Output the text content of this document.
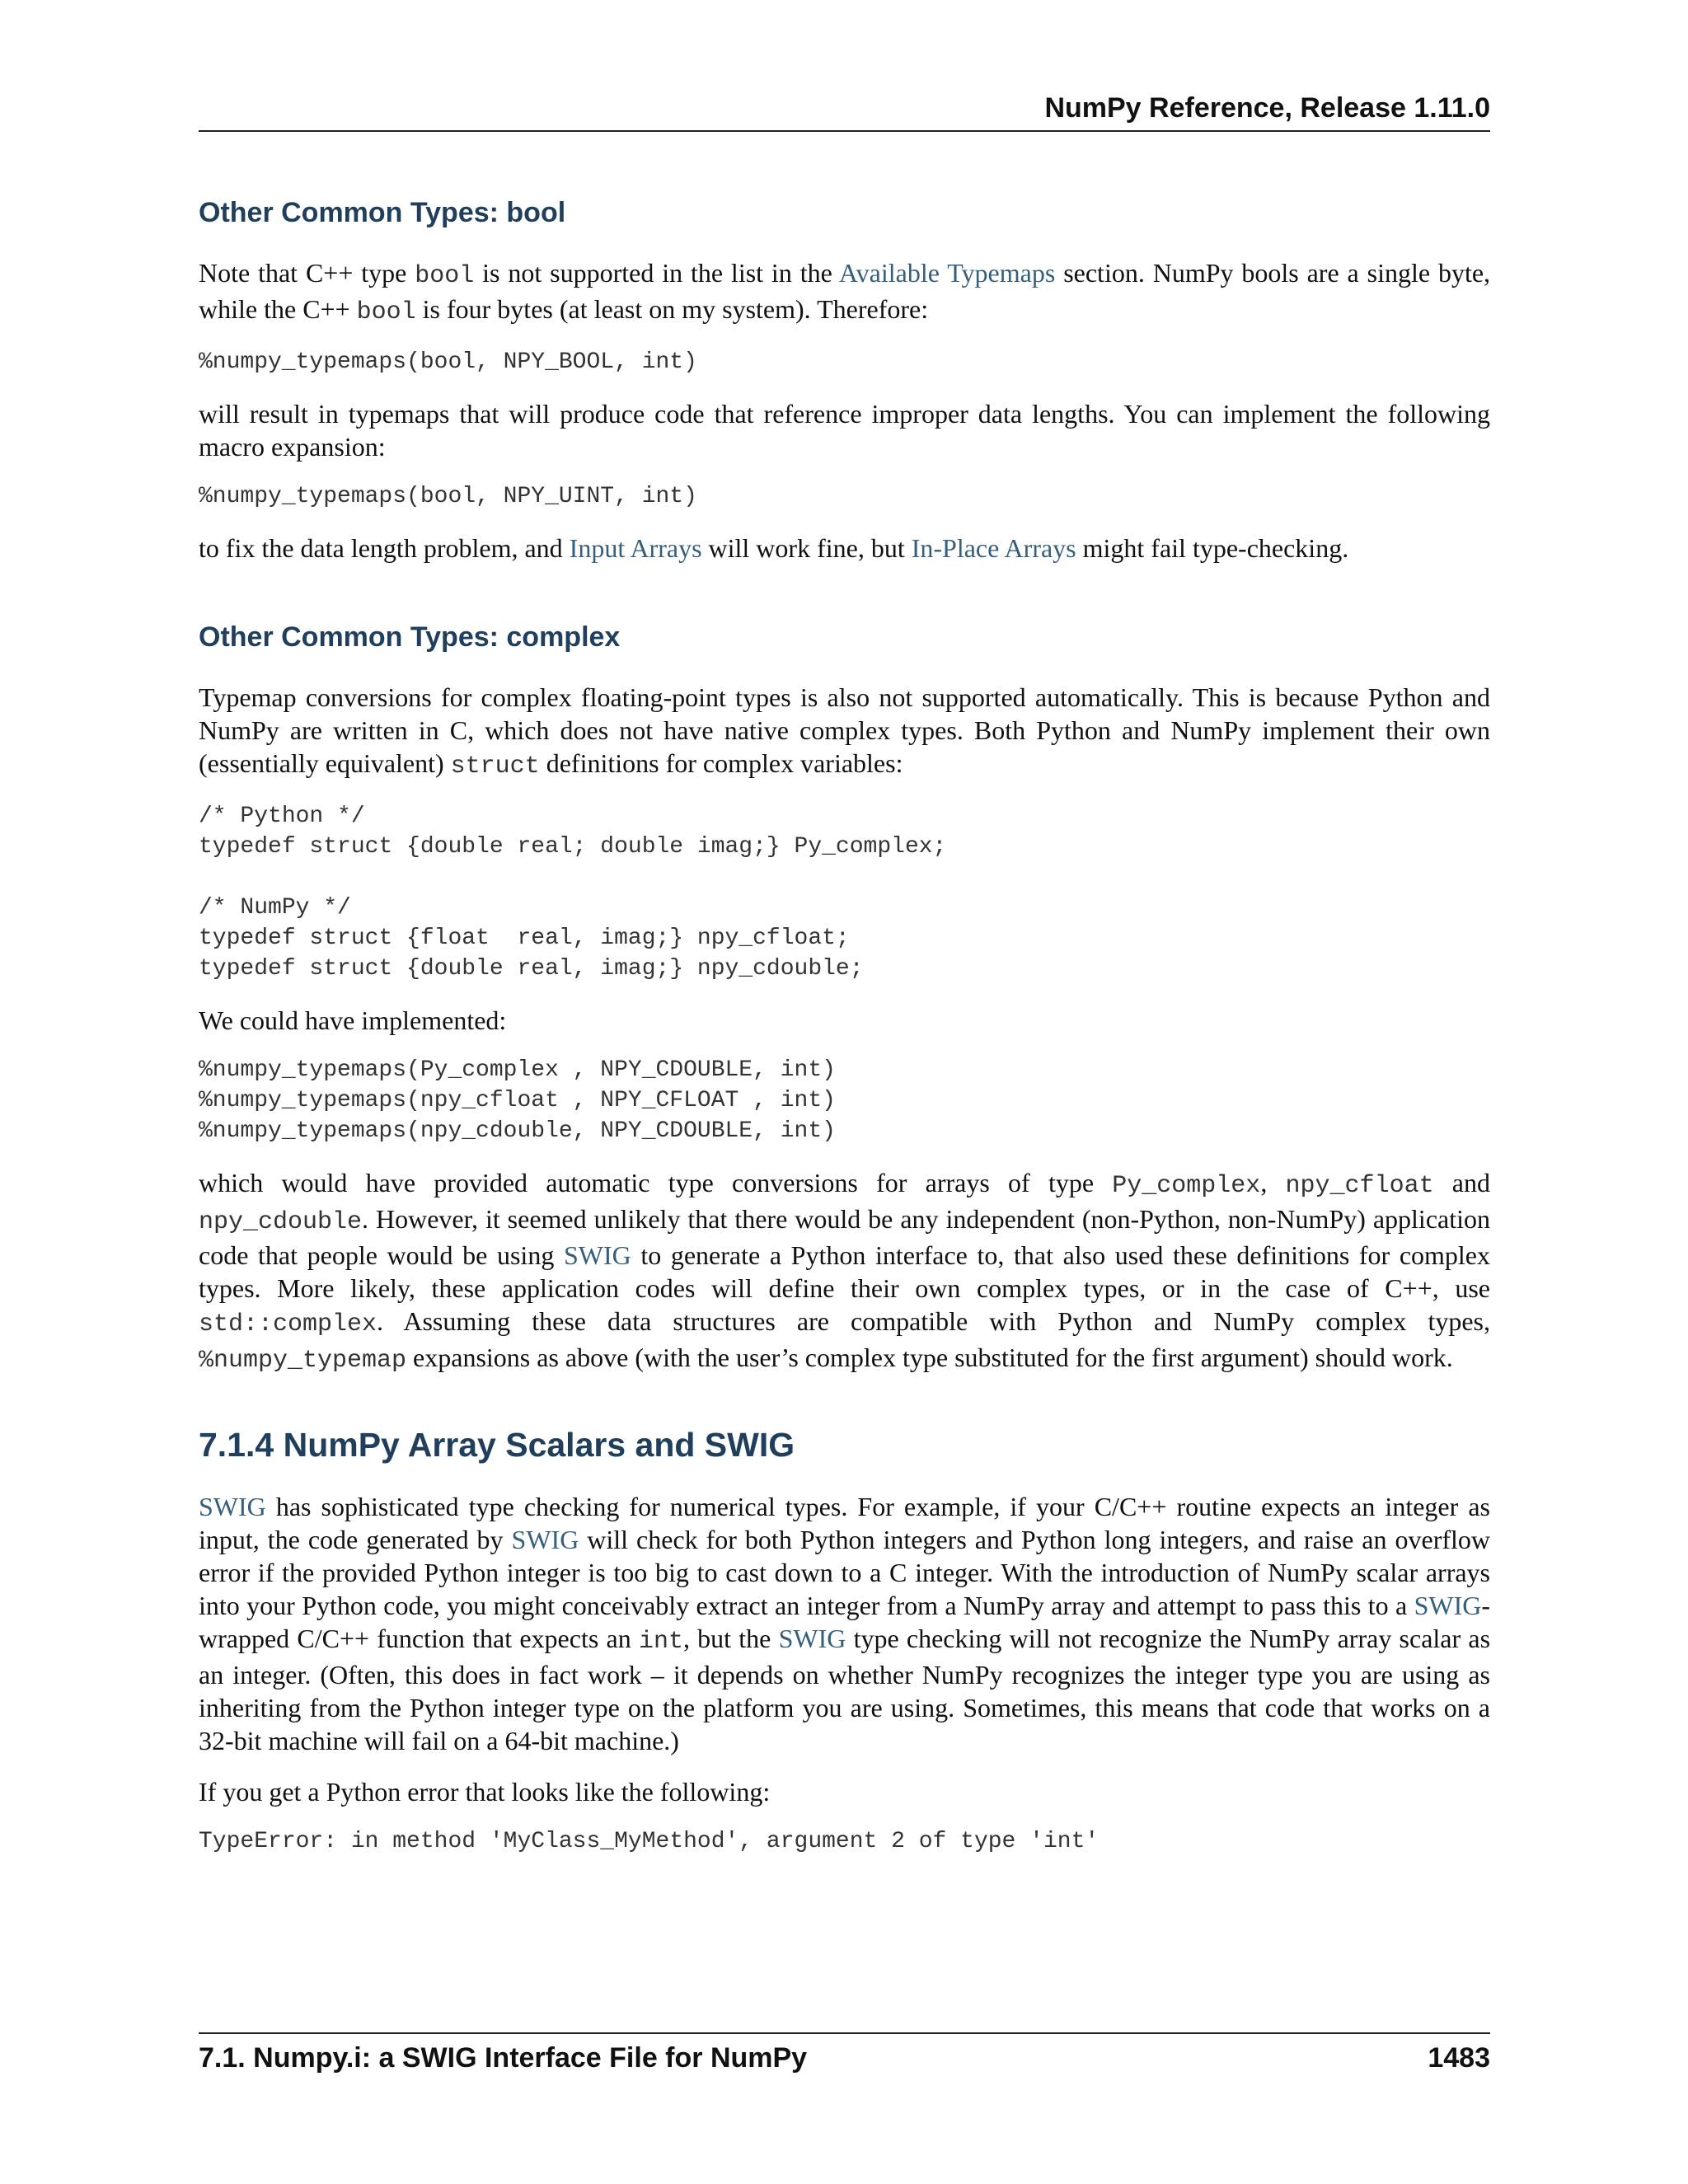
NumPy Reference, Release 1.11.0
Other Common Types: bool

Note that C++ type bool is not supported in the list in the Available Typemaps section. NumPy bools are a single byte, while the C++ bool is four bytes (at least on my system). Therefore:

%numpy_typemaps(bool, NPY_BOOL, int)

will result in typemaps that will produce code that reference improper data lengths. You can implement the following macro expansion:

%numpy_typemaps(bool, NPY_UINT, int)

to fix the data length problem, and Input Arrays will work fine, but In-Place Arrays might fail type-checking.

Other Common Types: complex

Typemap conversions for complex floating-point types is also not supported automatically. This is because Python and NumPy are written in C, which does not have native complex types. Both Python and NumPy implement their own (essentially equivalent) struct definitions for complex variables:

/* Python */
typedef struct {double real; double imag;} Py_complex;

/* NumPy */
typedef struct {float  real, imag;} npy_cfloat;
typedef struct {double real, imag;} npy_cdouble;

We could have implemented:

%numpy_typemaps(Py_complex , NPY_CDOUBLE, int)
%numpy_typemaps(npy_cfloat , NPY_CFLOAT , int)
%numpy_typemaps(npy_cdouble, NPY_CDOUBLE, int)

which would have provided automatic type conversions for arrays of type Py_complex, npy_cfloat and npy_cdouble. However, it seemed unlikely that there would be any independent (non-Python, non-NumPy) application code that people would be using SWIG to generate a Python interface to, that also used these definitions for complex types. More likely, these application codes will define their own complex types, or in the case of C++, use std::complex. Assuming these data structures are compatible with Python and NumPy complex types, %numpy_typemap expansions as above (with the user’s complex type substituted for the first argument) should work.

7.1.4 NumPy Array Scalars and SWIG

SWIG has sophisticated type checking for numerical types. For example, if your C/C++ routine expects an integer as input, the code generated by SWIG will check for both Python integers and Python long integers, and raise an overflow error if the provided Python integer is too big to cast down to a C integer. With the introduction of NumPy scalar arrays into your Python code, you might conceivably extract an integer from a NumPy array and attempt to pass this to a SWIG-wrapped C/C++ function that expects an int, but the SWIG type checking will not recognize the NumPy array scalar as an integer. (Often, this does in fact work – it depends on whether NumPy recognizes the integer type you are using as inheriting from the Python integer type on the platform you are using. Sometimes, this means that code that works on a 32-bit machine will fail on a 64-bit machine.)

If you get a Python error that looks like the following:

TypeError: in method 'MyClass_MyMethod', argument 2 of type 'int'
7.1. Numpy.i: a SWIG Interface File for NumPy	1483
